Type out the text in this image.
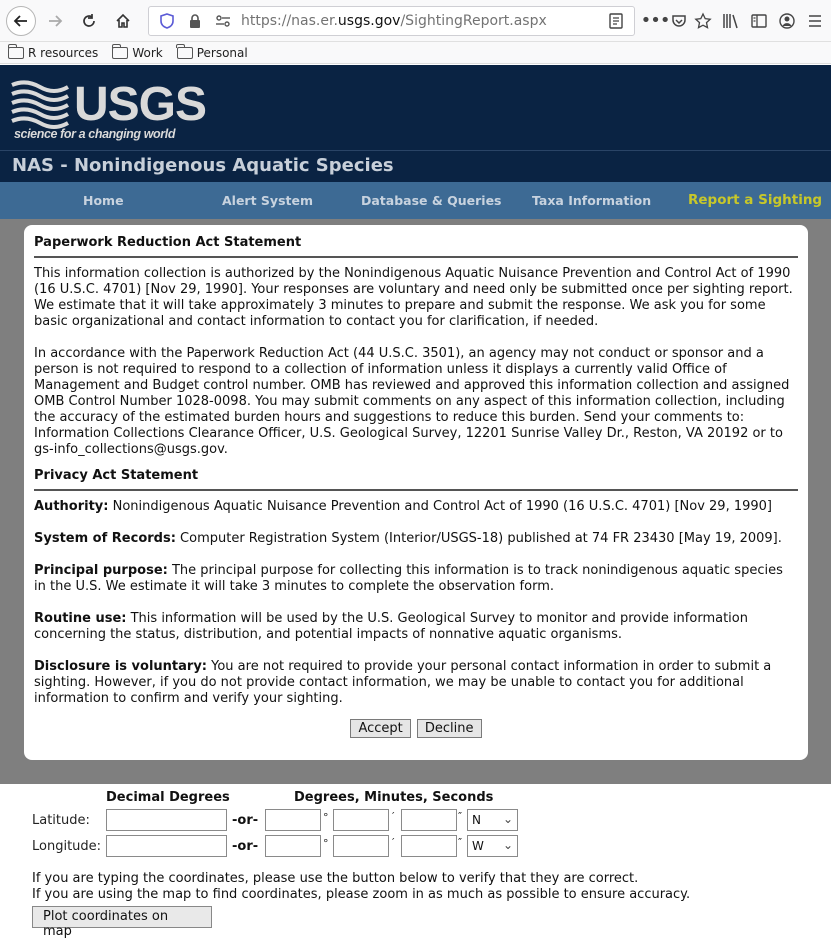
https://nas.er.usgs.gov/SightingReport.aspx	•••
R resources	Work	Personal
USGS
science for a changing world
NAS - Nonindigenous Aquatic Species
Home	Alert System	Database & Queries Taxa Information	Report a Sighting
Decimal Degrees	Degrees, Minutes, Seconds
Latitude:	-or-	°	′	″ N ⌄
Longitude:	-or-	°	′	″ W ⌄
If you are typing the coordinates, please use the button below to verify that they are correct.
If you are using the map to find coordinates, please zoom in as much as possible to ensure accuracy.
Plot coordinates on map
Paperwork Reduction Act Statement

This information collection is authorized by the Nonindigenous Aquatic Nuisance Prevention and Control Act of 1990 (16 U.S.C. 4701) [Nov 29, 1990]. Your responses are voluntary and need only be submitted once per sighting report. We estimate that it will take approximately 3 minutes to prepare and submit the response. We ask you for some basic organizational and contact information to contact you for clarification, if needed.

In accordance with the Paperwork Reduction Act (44 U.S.C. 3501), an agency may not conduct or sponsor and a person is not required to respond to a collection of information unless it displays a currently valid Office of Management and Budget control number. OMB has reviewed and approved this information collection and assigned OMB Control Number 1028-0098. You may submit comments on any aspect of this information collection, including the accuracy of the estimated burden hours and suggestions to reduce this burden. Send your comments to: Information Collections Clearance Officer, U.S. Geological Survey, 12201 Sunrise Valley Dr., Reston, VA 20192 or to gs-info_collections@usgs.gov.

Privacy Act Statement

Authority: Nonindigenous Aquatic Nuisance Prevention and Control Act of 1990 (16 U.S.C. 4701) [Nov 29, 1990]

System of Records: Computer Registration System (Interior/USGS-18) published at 74 FR 23430 [May 19, 2009].

Principal purpose: The principal purpose for collecting this information is to track nonindigenous aquatic species in the U.S. We estimate it will take 3 minutes to complete the observation form.

Routine use: This information will be used by the U.S. Geological Survey to monitor and provide information concerning the status, distribution, and potential impacts of nonnative aquatic organisms.

Disclosure is voluntary: You are not required to provide your personal contact information in order to submit a sighting. However, if you do not provide contact information, we may be unable to contact you for additional information to confirm and verify your sighting.

Accept Decline
